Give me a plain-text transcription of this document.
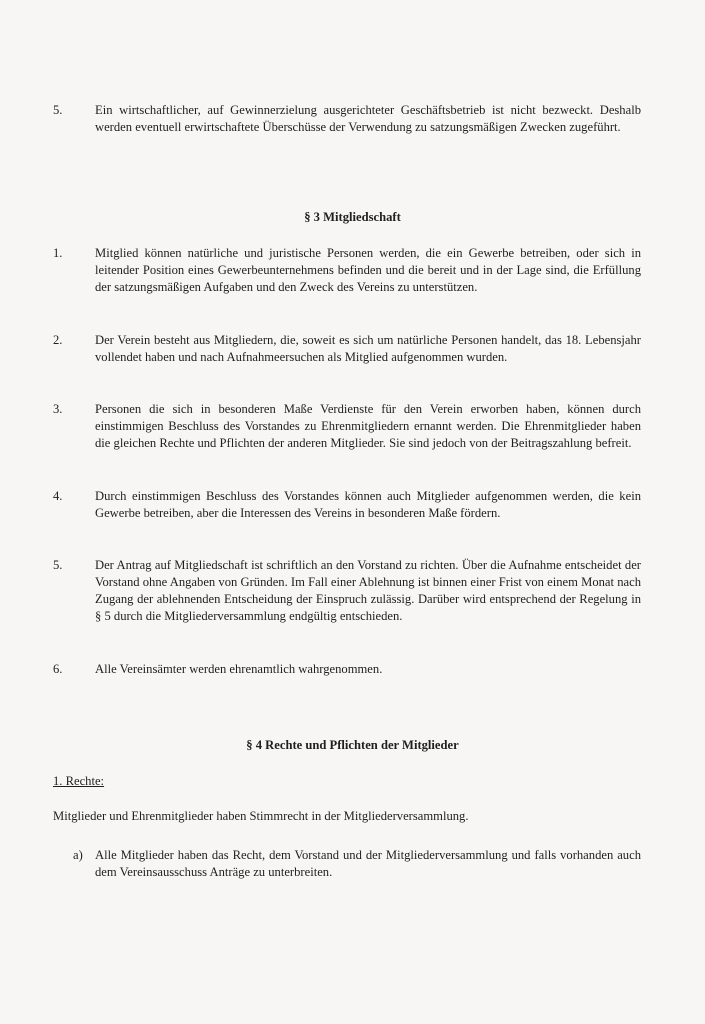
5.	Ein wirtschaftlicher, auf Gewinnerzielung ausgerichteter Geschäftsbetrieb ist nicht bezweckt. Deshalb werden eventuell erwirtschaftete Überschüsse der Verwendung zu satzungsmäßigen Zwecken zugeführt.
§ 3 Mitgliedschaft
1.	Mitglied können natürliche und juristische Personen werden, die ein Gewerbe betreiben, oder sich in leitender Position eines Gewerbeunternehmens befinden und die bereit und in der Lage sind, die Erfüllung der satzungsmäßigen Aufgaben und den Zweck des Vereins zu unterstützen.
2.	Der Verein besteht aus Mitgliedern, die, soweit es sich um natürliche Personen handelt, das 18. Lebensjahr vollendet haben und nach Aufnahmeersuchen als Mitglied aufgenommen wurden.
3.	Personen die sich in besonderen Maße Verdienste für den Verein erworben haben, können durch einstimmigen Beschluss des Vorstandes zu Ehrenmitgliedern ernannt werden. Die Ehrenmitglieder haben die gleichen Rechte und Pflichten der anderen Mitglieder. Sie sind jedoch von der Beitragszahlung befreit.
4.	Durch einstimmigen Beschluss des Vorstandes können auch Mitglieder aufgenommen werden, die kein Gewerbe betreiben, aber die Interessen des Vereins in besonderen Maße fördern.
5.	Der Antrag auf Mitgliedschaft ist schriftlich an den Vorstand zu richten. Über die Aufnahme entscheidet der Vorstand ohne Angaben von Gründen. Im Fall einer Ablehnung ist binnen einer Frist von einem Monat nach Zugang der ablehnenden Entscheidung der Einspruch zulässig. Darüber wird entsprechend der Regelung in § 5 durch die Mitgliederversammlung endgültig entschieden.
6.	Alle Vereinsämter werden ehrenamtlich wahrgenommen.
§ 4 Rechte und Pflichten der Mitglieder
1. Rechte:
Mitglieder und Ehrenmitglieder haben Stimmrecht in der Mitgliederversammlung.
a) Alle Mitglieder haben das Recht, dem Vorstand und der Mitgliederversammlung und falls vorhanden auch dem Vereinsausschuss Anträge zu unterbreiten.
